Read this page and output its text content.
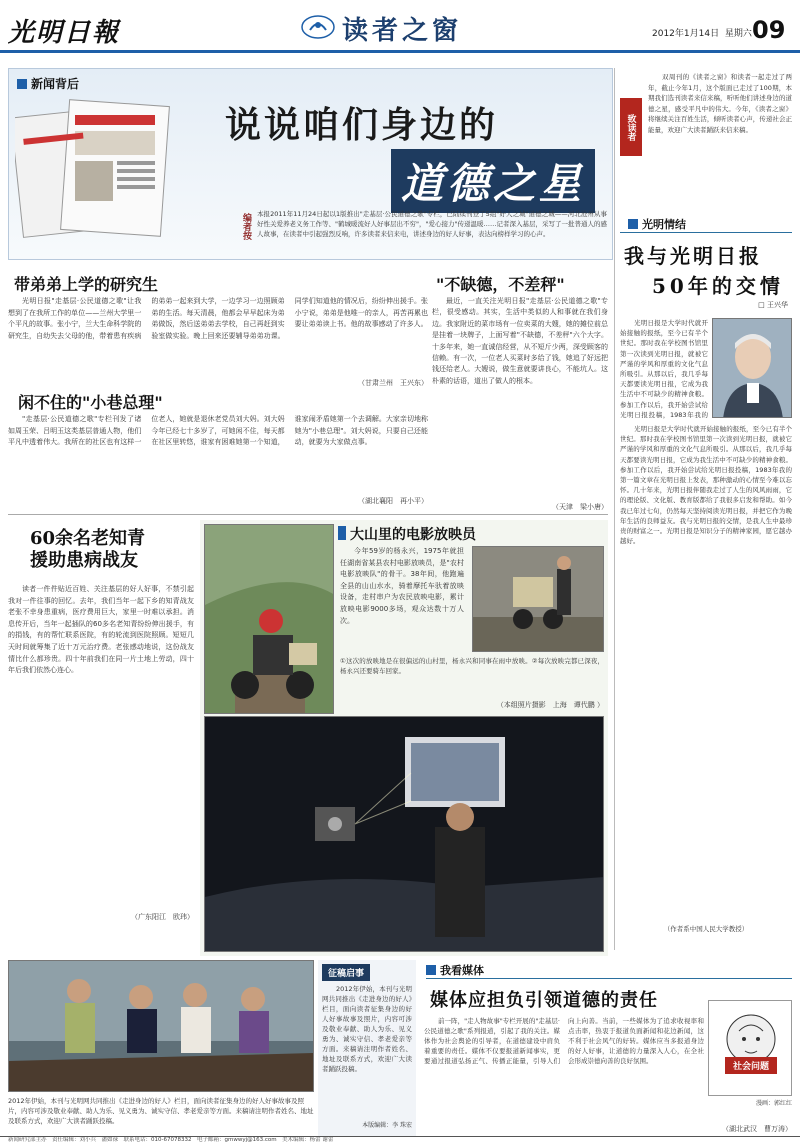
光明日報	读者之窗	2012年1月14日 星期六 09
新闻背后
说说咱们身边的
道德之星
编者按 本报2011年11月24日起以1版推出"走基层·公民道德之歌"专栏，已陆续刊登了5组"好人之城"道德之城——河北沧州从事好性关爱养老义务工作等、"鹤城暖流好人好事层出不穷"，"爱心接力"传递温暖……记者深入基层，采写了一批普通人的感人故事，在读者中引起强烈反响，许多读者来信来电，讲述身边的好人好事，表达向榜样学习的心声。
致读者
双周刊的《读者之窗》和读者一起走过了两年，截止今年1月，这个版面已走过了100期，本期我们选刊读者来信来稿，听听他们讲述身边的道德之星，感受平凡中的伟大。今年，《读者之窗》将继续关注百姓生活，倾听读者心声，传递社会正能量，欢迎广大读者踊跃来信来稿。
光明情结
我与光明日报
50年的交情
□ 王兴华
光明日报是大学时代就开始接触的报纸，至今已有半个世纪。那时我在学校图书馆里第一次读到光明日报，就被它严谨的学风和厚重的文化气息所吸引。从那以后，我几乎每天都要读光明日报，它成为我生活中不可缺少的精神食粮。参加工作以后，我开始尝试给光明日报投稿，1983年我的
光明日报是大学时代就开始接触的报纸，至今已有半个世纪。那时我在学校图书馆里第一次读到光明日报，就被它严谨的学风和厚重的文化气息所吸引。从那以后，我几乎每天都要读光明日报，它成为我生活中不可缺少的精神食粮。参加工作以后，我开始尝试给光明日报投稿，1983年我的第一篇文章在光明日报上发表，那种激动的心情至今难以忘怀。几十年来，光明日报伴随我走过了人生的风风雨雨，它的理论版、文化版、教育版都给了我很多启发和帮助。如今我已年过七旬，仍然每天坚持阅读光明日报，并把它作为晚年生活的良师益友。我与光明日报的交情，是我人生中最珍贵的财富之一。光明日报是知识分子的精神家园，愿它越办越好。
（作者系中国人民大学教授）
带弟弟上学的研究生
光明日报"走基层·公民道德之歌"让我想到了在我所工作的单位——兰州大学里一个平凡的故事。张小宁，兰大生命科学院的研究生，自幼失去父母的他，带着患有疾病的弟弟一起来到大学，一边学习一边照顾弟弟的生活。每天清晨，他都会早早起床为弟弟做饭，然后送弟弟去学校，自己再赶到实验室做实验。晚上回来还要辅导弟弟功课。同学们知道他的情况后，纷纷伸出援手。张小宁说，弟弟是他唯一的亲人，再苦再累也要让弟弟读上书。他的故事感动了许多人。
（甘肃兰州　王兴东）
闲不住的"小巷总理"
"走基层·公民道德之歌"专栏刊发了诸如周玉荣、吕明玉这类基层普通人物，他们平凡中透着伟大。我所在的社区也有这样一位老人，她就是退休老党员刘大妈。刘大妈今年已经七十多岁了，可她闲不住，每天都在社区里转悠，谁家有困难她第一个知道，谁家闹矛盾她第一个去调解。大家亲切地称她为"小巷总理"。刘大妈说，只要自己还能动，就要为大家做点事。
（湖北襄阳　再小平）
"不缺德，不差秤"
最近，一直关注光明日报"走基层·公民道德之歌"专栏，很受感动。其实，生活中类似的人和事就在我们身边。我家附近的菜市场有一位卖菜的大嫂，她的摊位前总是挂着一块牌子，上面写着"不缺德，不差秤"六个大字。十多年来，她一直诚信经营，从不短斤少两，深受顾客的信赖。有一次，一位老人买菜时多给了钱，她追了好远把钱还给老人。大嫂说，做生意就要讲良心，不能坑人。这朴素的话语，道出了做人的根本。
（天津　梁小唐）
60余名老知青
援助患病战友
读者一件件贴近百姓、关注基层的好人好事，不禁引起我对一件往事的回忆。去年，我们当年一起下乡的知青战友老张不幸身患重病，医疗费用巨大，家里一时难以承担。消息传开后，当年一起插队的60多名老知青纷纷伸出援手，有的捐钱，有的帮忙联系医院，有的轮流到医院照顾。短短几天时间就筹集了近十万元治疗费。老张感动地说，这份战友情比什么都珍贵。四十年前我们在同一片土地上劳动，四十年后我们依然心连心。
（广东阳江　欧玮）
大山里的电影放映员
今年59岁的杨永兴，1975年就担任湖南省某县农村电影放映员，是"农村电影放映队"的骨干。38年间，他跑遍全县的山山水水，骑着摩托车驮着放映设备，走村串户为农民放映电影，累计放映电影9000多场，观众达数十万人次。
①这次的放映地是在很偏远的山村里，杨永兴和同事在雨中放映。②每次放映完都已深夜，杨永兴还要骑车回家。
（本组照片摄影　上海　谭代鹏 ）
2012年伊始，本刊与光明网共同推出《走进身边的好人》栏目，面向读者征集身边的好人好事故事及照片，内容可涉及敬业奉献、助人为乐、见义勇为、诚实守信、孝老爱亲等方面。来稿请注明作者姓名、地址及联系方式，欢迎广大读者踊跃投稿。
征稿启事
2012年伊始，本刊与光明网共同推出《走进身边的好人》栏目，面向读者征集身边的好人好事故事及照片，内容可涉及敬业奉献、助人为乐、见义勇为、诚实守信、孝老爱亲等方面。来稿请注明作者姓名、地址及联系方式，欢迎广大读者踊跃投稿。
本版编辑：李 珠宏
我看媒体
媒体应担负引领道德的责任
前一阵，"走人物故事"专栏开展的"走基层·公民道德之歌"系列报道，引起了我的关注。媒体作为社会舆论的引导者，在道德建设中肩负着重要的责任。媒体不仅要报道新闻事实，更要通过报道弘扬正气、传播正能量，引导人们向上向善。当前，一些媒体为了追求收视率和点击率，热衷于报道负面新闻和花边新闻，这不利于社会风气的好转。媒体应当多报道身边的好人好事，让道德的力量深入人心，在全社会形成崇德向善的良好氛围。
社会问题
漫画：郭红红
（湖北武汉　曹万涛）
新闻研究部主办　责任编辑：刘小兵　潘如禄　联系电话：010-67078332　电子邮箱：gmwwyj@163.com　美术编辑：杨蕾 谢蕾
